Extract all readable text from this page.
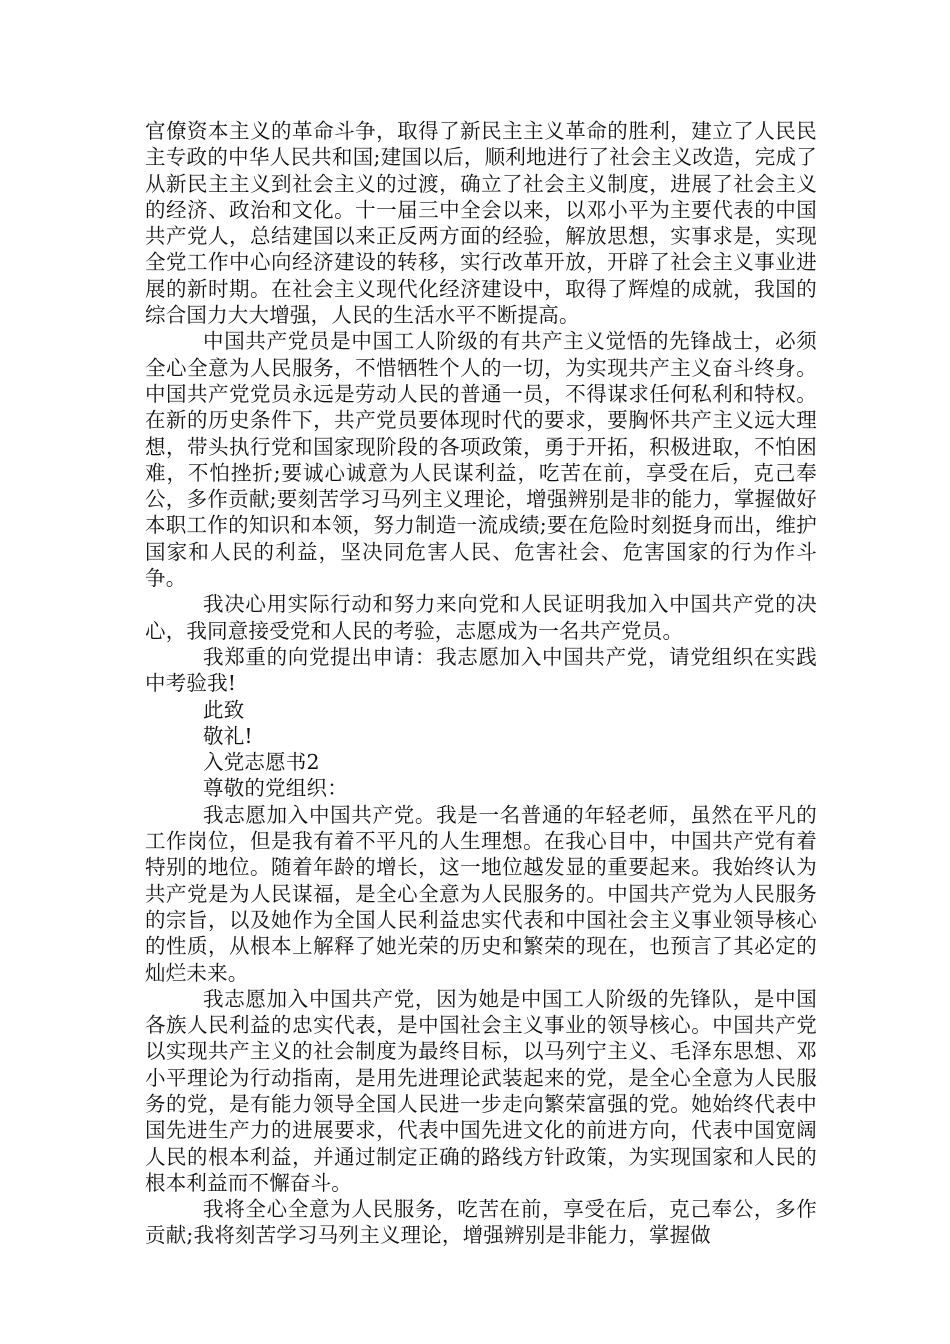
官僚资本主义的革命斗争，取得了新民主主义革命的胜利，建立了人民民主专政的中华人民共和国;建国以后，顺利地进行了社会主义改造，完成了从新民主主义到社会主义的过渡，确立了社会主义制度，进展了社会主义的经济、政治和文化。十一届三中全会以来，以邓小平为主要代表的中国共产党人，总结建国以来正反两方面的经验，解放思想，实事求是，实现全党工作中心向经济建设的转移，实行改革开放，开辟了社会主义事业进展的新时期。在社会主义现代化经济建设中，取得了辉煌的成就，我国的综合国力大大增强，人民的生活水平不断提高。

中国共产党员是中国工人阶级的有共产主义觉悟的先锋战士，必须全心全意为人民服务，不惜牺牲个人的一切，为实现共产主义奋斗终身。中国共产党党员永远是劳动人民的普通一员，不得谋求任何私利和特权。在新的历史条件下，共产党员要体现时代的要求，要胸怀共产主义远大理想，带头执行党和国家现阶段的各项政策，勇于开拓，积极进取，不怕困难，不怕挫折;要诚心诚意为人民谋利益，吃苦在前，享受在后，克己奉公，多作贡献;要刻苦学习马列主义理论，增强辨别是非的能力，掌握做好本职工作的知识和本领，努力制造一流成绩;要在危险时刻挺身而出，维护国家和人民的利益，坚决同危害人民、危害社会、危害国家的行为作斗争。

我决心用实际行动和努力来向党和人民证明我加入中国共产党的决心，我同意接受党和人民的考验，志愿成为一名共产党员。

我郑重的向党提出申请：我志愿加入中国共产党，请党组织在实践中考验我!

此致

敬礼!

入党志愿书2

尊敬的党组织：

我志愿加入中国共产党。我是一名普通的年轻老师，虽然在平凡的工作岗位，但是我有着不平凡的人生理想。在我心目中，中国共产党有着特别的地位。随着年龄的增长，这一地位越发显的重要起来。我始终认为共产党是为人民谋福，是全心全意为人民服务的。中国共产党为人民服务的宗旨，以及她作为全国人民利益忠实代表和中国社会主义事业领导核心的性质，从根本上解释了她光荣的历史和繁荣的现在，也预言了其必定的灿烂未来。

我志愿加入中国共产党，因为她是中国工人阶级的先锋队，是中国各族人民利益的忠实代表，是中国社会主义事业的领导核心。中国共产党以实现共产主义的社会制度为最终目标，以马列宁主义、毛泽东思想、邓小平理论为行动指南，是用先进理论武装起来的党，是全心全意为人民服务的党，是有能力领导全国人民进一步走向繁荣富强的党。她始终代表中国先进生产力的进展要求，代表中国先进文化的前进方向，代表中国宽阔人民的根本利益，并通过制定正确的路线方针政策，为实现国家和人民的根本利益而不懈奋斗。

我将全心全意为人民服务，吃苦在前，享受在后，克己奉公，多作贡献;我将刻苦学习马列主义理论，增强辨别是非能力，掌握做
